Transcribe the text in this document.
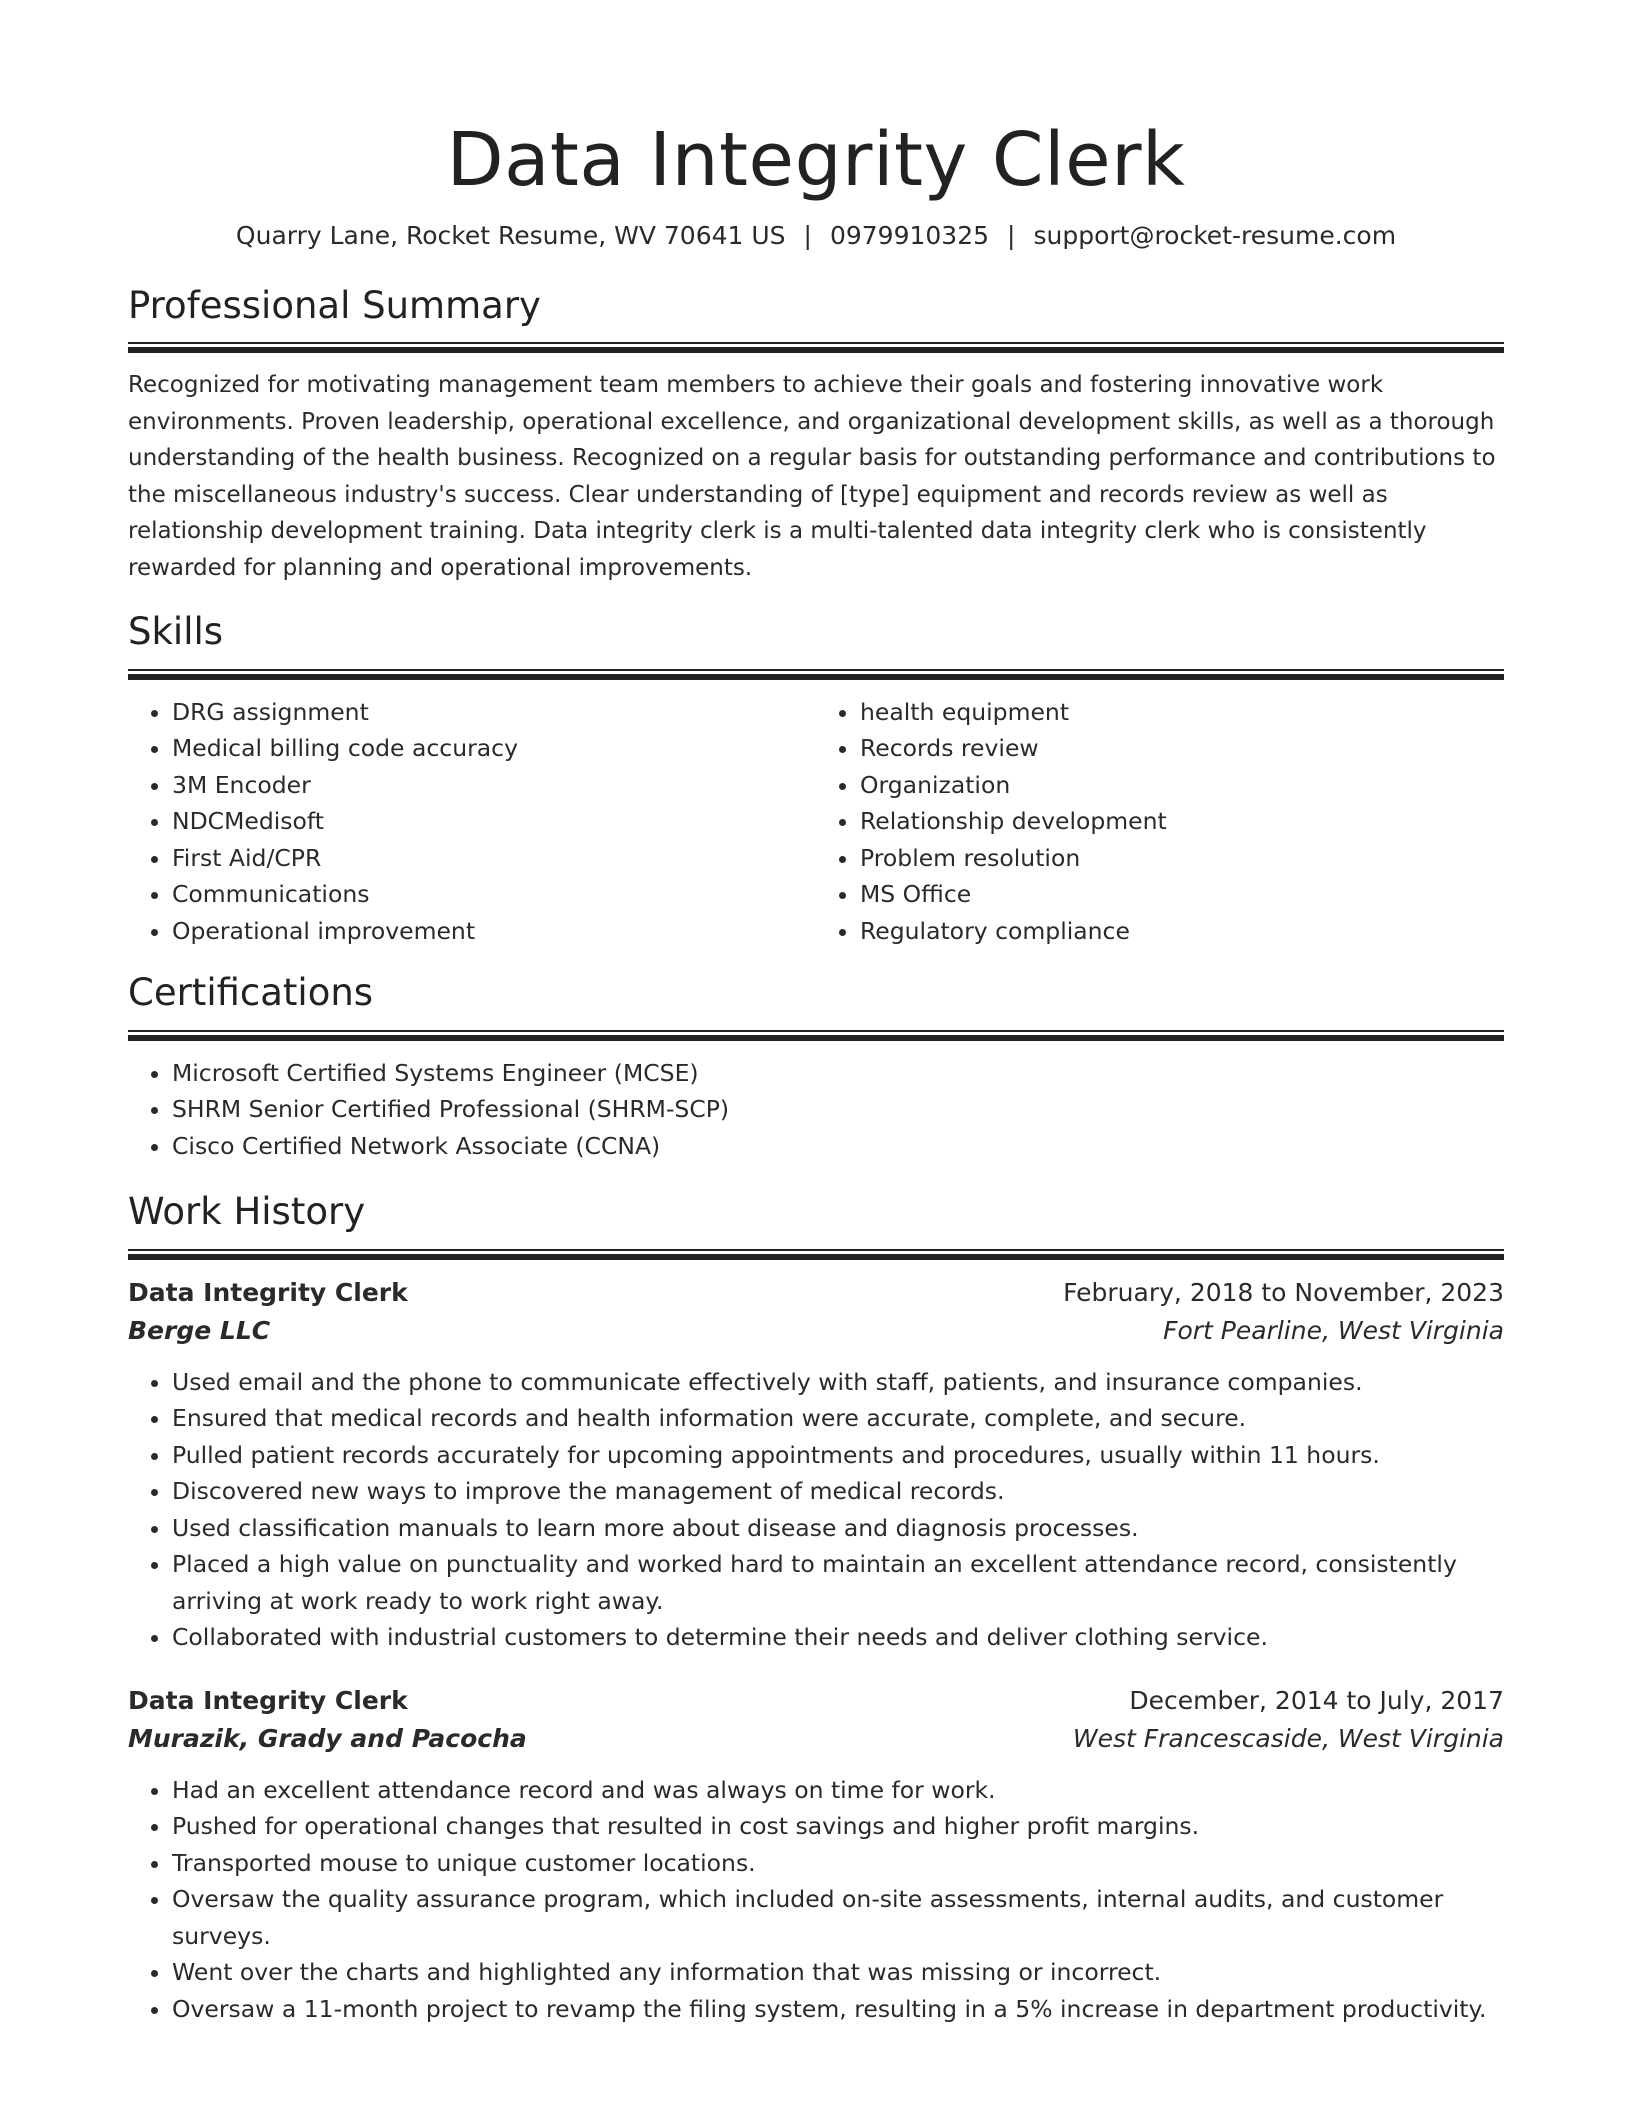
Data Integrity Clerk
Quarry Lane, Rocket Resume, WV 70641 US | 0979910325 | support@rocket-resume.com
Professional Summary

Recognized for motivating management team members to achieve their goals and fostering innovative work environments. Proven leadership, operational excellence, and organizational development skills, as well as a thorough understanding of the health business. Recognized on a regular basis for outstanding performance and contributions to the miscellaneous industry's success. Clear understanding of [type] equipment and records review as well as relationship development training. Data integrity clerk is a multi-talented data integrity clerk who is consistently rewarded for planning and operational improvements.

Skills
• DRG assignment
• Medical billing code accuracy
• 3M Encoder
• NDCMedisoft
• First Aid/CPR
• Communications
• Operational improvement
• health equipment
• Records review
• Organization
• Relationship development
• Problem resolution
• MS Office
• Regulatory compliance
Certifications
• Microsoft Certified Systems Engineer (MCSE)
• SHRM Senior Certified Professional (SHRM-SCP)
• Cisco Certified Network Associate (CCNA)
Work History
Data Integrity Clerk	February, 2018 to November, 2023
Berge LLC	Fort Pearline, West Virginia
• Used email and the phone to communicate effectively with staff, patients, and insurance companies.
• Ensured that medical records and health information were accurate, complete, and secure.
• Pulled patient records accurately for upcoming appointments and procedures, usually within 11 hours.
• Discovered new ways to improve the management of medical records.
• Used classification manuals to learn more about disease and diagnosis processes.
• Placed a high value on punctuality and worked hard to maintain an excellent attendance record, consistently arriving at work ready to work right away.
• Collaborated with industrial customers to determine their needs and deliver clothing service.
Data Integrity Clerk	December, 2014 to July, 2017
Murazik, Grady and Pacocha	West Francescaside, West Virginia
• Had an excellent attendance record and was always on time for work.
• Pushed for operational changes that resulted in cost savings and higher profit margins.
• Transported mouse to unique customer locations.
• Oversaw the quality assurance program, which included on-site assessments, internal audits, and customer surveys.
• Went over the charts and highlighted any information that was missing or incorrect.
• Oversaw a 11-month project to revamp the filing system, resulting in a 5% increase in department productivity.
